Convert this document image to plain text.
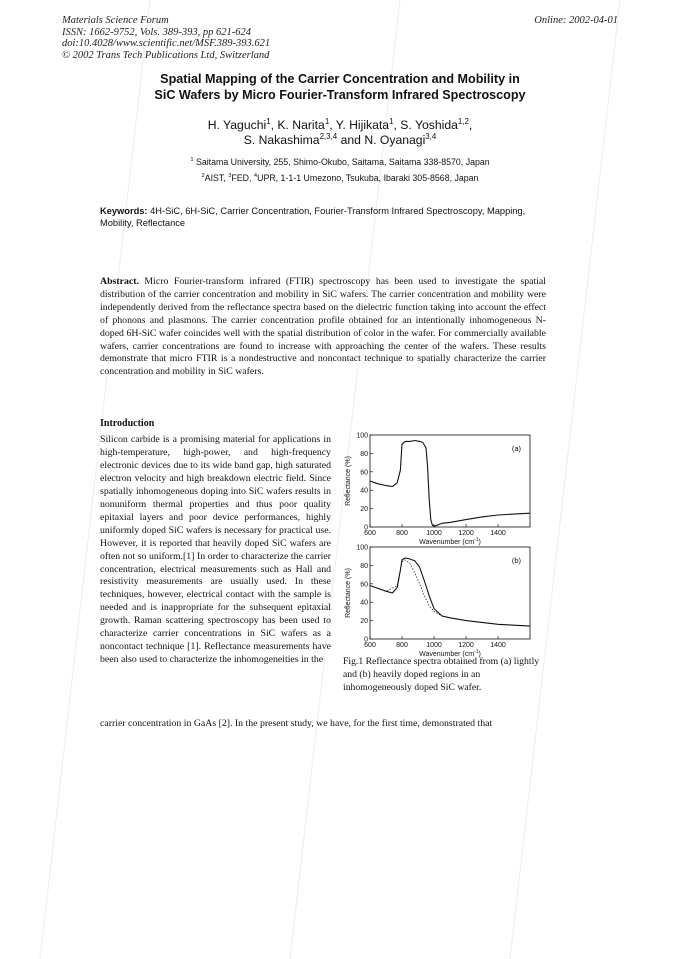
Materials Science Forum
ISSN: 1662-9752, Vols. 389-393, pp 621-624
doi:10.4028/www.scientific.net/MSF.389-393.621
© 2002 Trans Tech Publications Ltd, Switzerland
Online: 2002-04-01
Spatial Mapping of the Carrier Concentration and Mobility in
SiC Wafers by Micro Fourier-Transform Infrared Spectroscopy
H. Yaguchi$^1$, K. Narita$^1$, Y. Hijikata$^1$, S. Yoshida$^{1,2}$,
S. Nakashima$^{2,3,4}$ and N. Oyanagi$^{3,4}$
$^1$ Saitama University, 255, Shimo-Okubo, Saitama, Saitama 338-8570, Japan
$^2$AIST, $^3$FED, $^4$UPR, 1-1-1 Umezono, Tsukuba, Ibaraki 305-8568, Japan
Keywords: 4H-SiC, 6H-SiC, Carrier Concentration, Fourier-Transform Infrared Spectroscopy, Mapping, Mobility, Reflectance
Abstract. Micro Fourier-transform infrared (FTIR) spectroscopy has been used to investigate the spatial distribution of the carrier concentration and mobility in SiC wafers. The carrier concentration and mobility were independently derived from the reflectance spectra based on the dielectric function taking into account the effect of phonons and plasmons. The carrier concentration profile obtained for an intentionally inhomogeneous N-doped 6H-SiC wafer coincides well with the spatial distribution of color in the wafer. For commercially available wafers, carrier concentrations are found to increase with approaching the center of the wafers. These results demonstrate that micro FTIR is a nondestructive and noncontact technique to spatially characterize the carrier concentration and mobility in SiC wafers.
Introduction
Silicon carbide is a promising material for applications in high-temperature, high-power, and high-frequency electronic devices due to its wide band gap, high saturated electron velocity and high breakdown electric field. Since spatially inhomogeneous doping into SiC wafers results in nonuniform thermal properties and thus poor quality epitaxial layers and poor device performances, highly uniformly doped SiC wafers is necessary for practical use. However, it is reported that heavily doped SiC wafers are often not so uniform.[1] In order to characterize the carrier concentration, electrical measurements such as Hall and resistivity measurements are usually used. In these techniques, however, electrical contact with the sample is needed and is inappropriate for the subsequent epitaxial growth. Raman scattering spectroscopy has been used to characterize carrier concentrations in SiC wafers as a noncontact technique [1]. Reflectance measurements have been also used to characterize the inhomogeneities in the
carrier concentration in GaAs [2]. In the present study, we have, for the first time, demonstrated that
0
20
40
60
80
100
600	800	1000 1200 1400
(a)
Wavenumber $(cm^{-1})$
Reflectance (%)
0
20
40
60
80
100
600	800	1000 1200 1400
(b)
Wavenumber $(cm^{-1})$
Reflectance (%)
Fig.1 Reflectance spectra obtained from (a) lightly and (b) heavily doped regions in an inhomogeneously doped SiC wafer.
